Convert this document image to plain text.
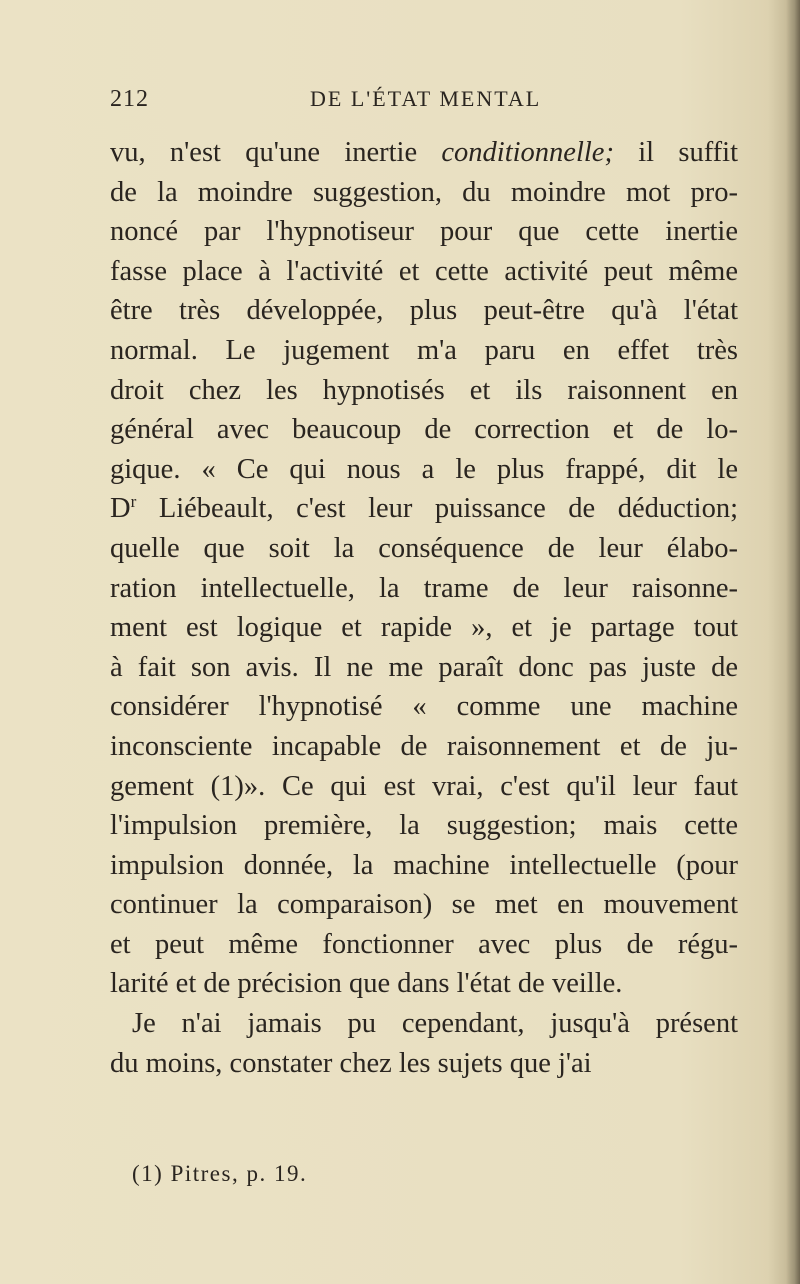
212	DE L'ÉTAT MENTAL
vu, n'est qu'une inertie conditionnelle; il suffit
de la moindre suggestion, du moindre mot pro-
noncé par l'hypnotiseur pour que cette inertie
fasse place à l'activité et cette activité peut même
être très développée, plus peut-être qu'à l'état
normal. Le jugement m'a paru en effet très
droit chez les hypnotisés et ils raisonnent en
général avec beaucoup de correction et de lo-
gique. « Ce qui nous a le plus frappé, dit le
$D^r$ Liébeault, c'est leur puissance de déduction;
quelle que soit la conséquence de leur élabo-
ration intellectuelle, la trame de leur raisonne-
ment est logique et rapide », et je partage tout
à fait son avis. Il ne me paraît donc pas juste de
considérer l'hypnotisé « comme une machine
inconsciente incapable de raisonnement et de ju-
gement (1)». Ce qui est vrai, c'est qu'il leur faut
l'impulsion première, la suggestion; mais cette
impulsion donnée, la machine intellectuelle (pour
continuer la comparaison) se met en mouvement
et peut même fonctionner avec plus de régu-
larité et de précision que dans l'état de veille.
Je n'ai jamais pu cependant, jusqu'à présent
du moins, constater chez les sujets que j'ai
(1) Pitres, p. 19.
